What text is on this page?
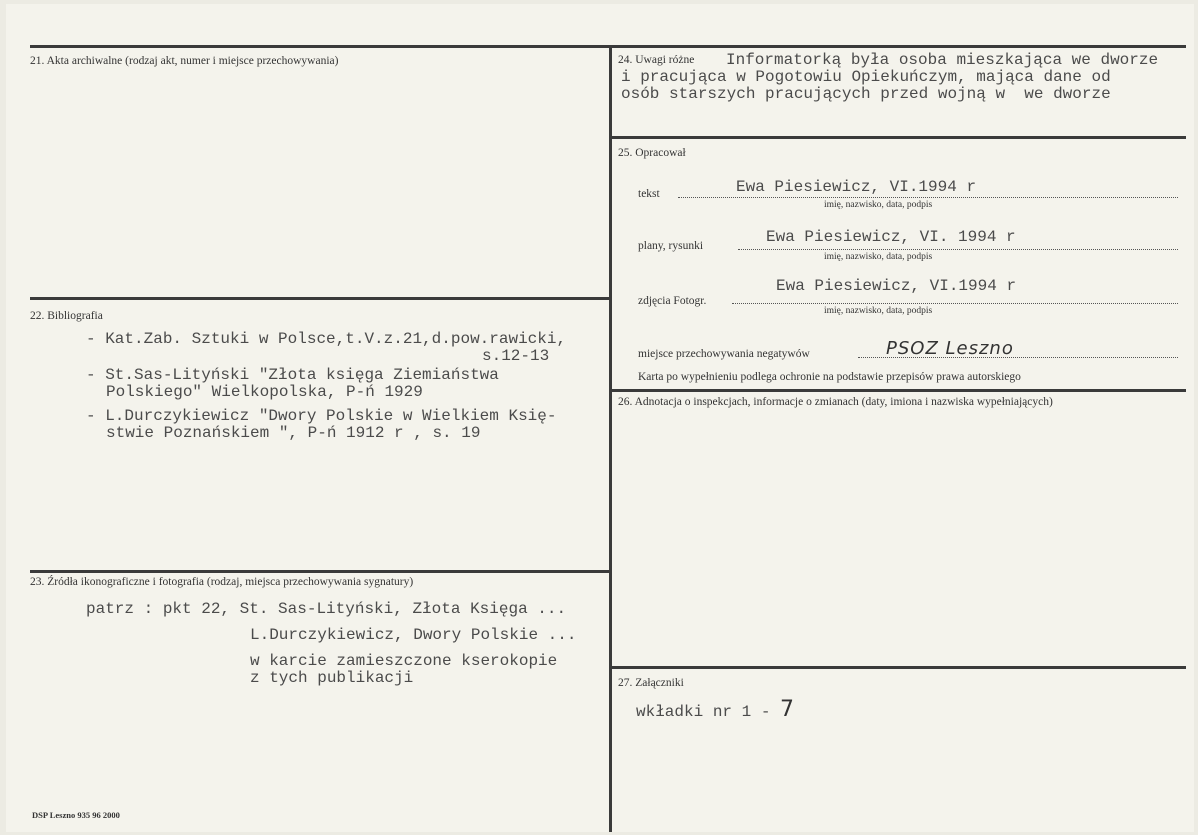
21. Akta archiwalne (rodzaj akt, numer i miejsce przechowywania)
22. Bibliografia
- Kat.Zab. Sztuki w Polsce,t.V.z.21,d.pow.rawicki,
s.12-13
- St.Sas-Lityński "Złota księga Ziemiaństwa
Polskiego" Wielkopolska, P-ń 1929
- L.Durczykiewicz "Dwory Polskie w Wielkiem Księ-
stwie Poznańskiem ", P-ń 1912 r , s. 19
23. Źródła ikonograficzne i fotografia (rodzaj, miejsca przechowywania sygnatury)
patrz : pkt 22, St. Sas-Lityński, Złota Księga ...
L.Durczykiewicz, Dwory Polskie ...
w karcie zamieszczone kserokopie
z tych publikacji
DSP Leszno 935 96 2000
24. Uwagi różne Informatorką była osoba mieszkająca we dworze
i pracująca w Pogotowiu Opiekuńczym, mająca dane od
osób starszych pracujących przed wojną w  we dworze
25. Opracował
tekst	Ewa Piesiewicz, VI.1994 r
imię, nazwisko, data, podpis
plany, rysunki	Ewa Piesiewicz, VI. 1994 r
imię, nazwisko, data, podpis
zdjęcia Fotogr.
Ewa Piesiewicz, VI.1994 r
imię, nazwisko, data, podpis
miejsce przechowywania negatywów	PSOZ Leszno
Karta po wypełnieniu podlega ochronie na podstawie przepisów prawa autorskiego
26. Adnotacja o inspekcjach, informacje o zmianach (daty, imiona i nazwiska wypełniających)
27. Załączniki
wkładki nr 1 - 7
